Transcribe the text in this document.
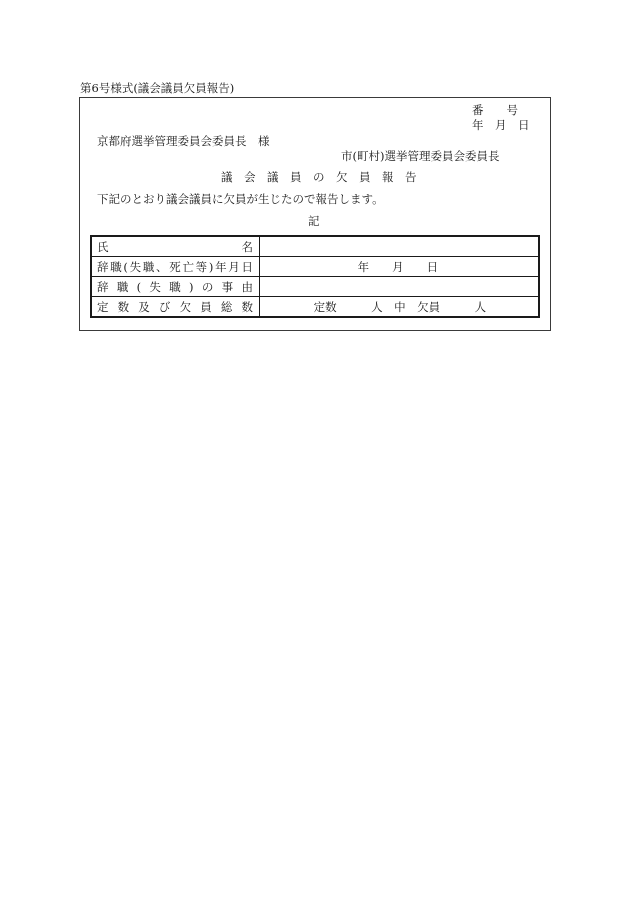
第6号様式(議会議員欠員報告)
番　　号
年　月　日
京都府選挙管理委員会委員長　様
市(町村)選挙管理委員会委員長
議　会　議　員　の　欠　員　報　告
下記のとおり議会議員に欠員が生じたので報告します。
記
氏名	
辞職(失職、死亡等)年月日	年　　月　　日
辞職(失職)の事由	
定数及び欠員総数	定数　　　人　中　欠員　　　人
